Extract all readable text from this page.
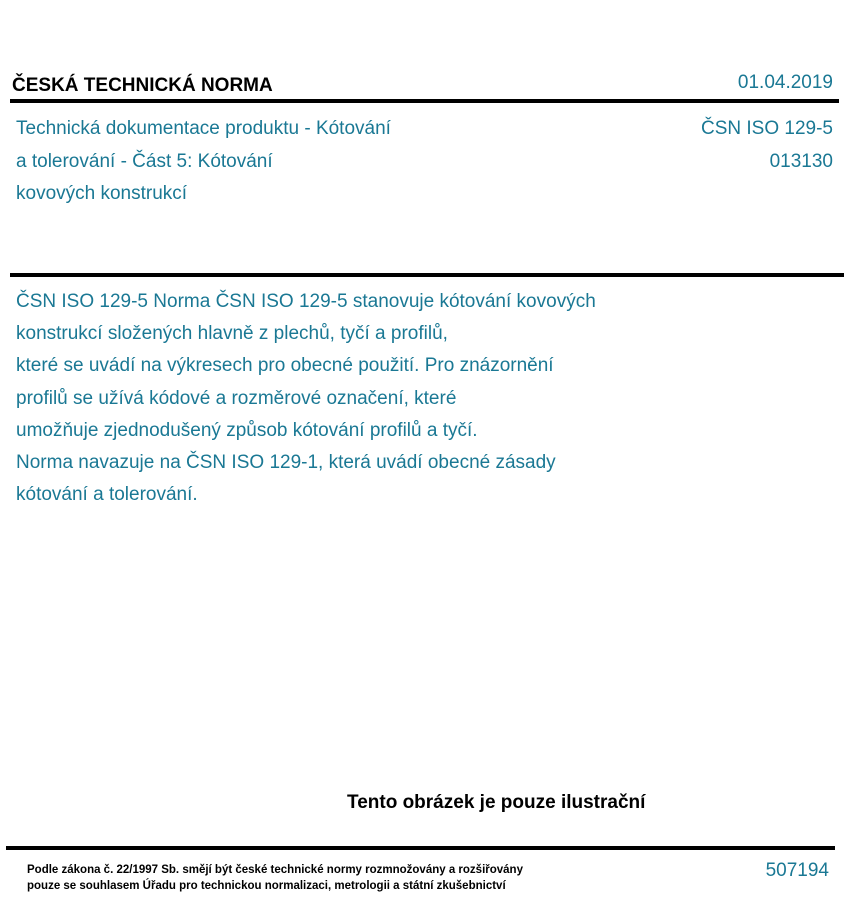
ČESKÁ TECHNICKÁ NORMA	01.04.2019
Technická dokumentace produktu - Kótování
a tolerování - Část 5: Kótování
kovových konstrukcí
ČSN ISO 129-5
013130
ČSN ISO 129-5 Norma ČSN ISO 129-5 stanovuje kótování kovových
konstrukcí složených hlavně z plechů, tyčí a profilů,
které se uvádí na výkresech pro obecné použití. Pro znázornění
profilů se užívá kódové a rozměrové označení, které
umožňuje zjednodušený způsob kótování profilů a tyčí.
Norma navazuje na ČSN ISO 129-1, která uvádí obecné zásady
kótování a tolerování.
Tento obrázek je pouze ilustrační
Podle zákona č. 22/1997 Sb. smějí být české technické normy rozmnožovány a rozšiřovány
pouze se souhlasem Úřadu pro technickou normalizaci, metrologii a státní zkušebnictví
507194
